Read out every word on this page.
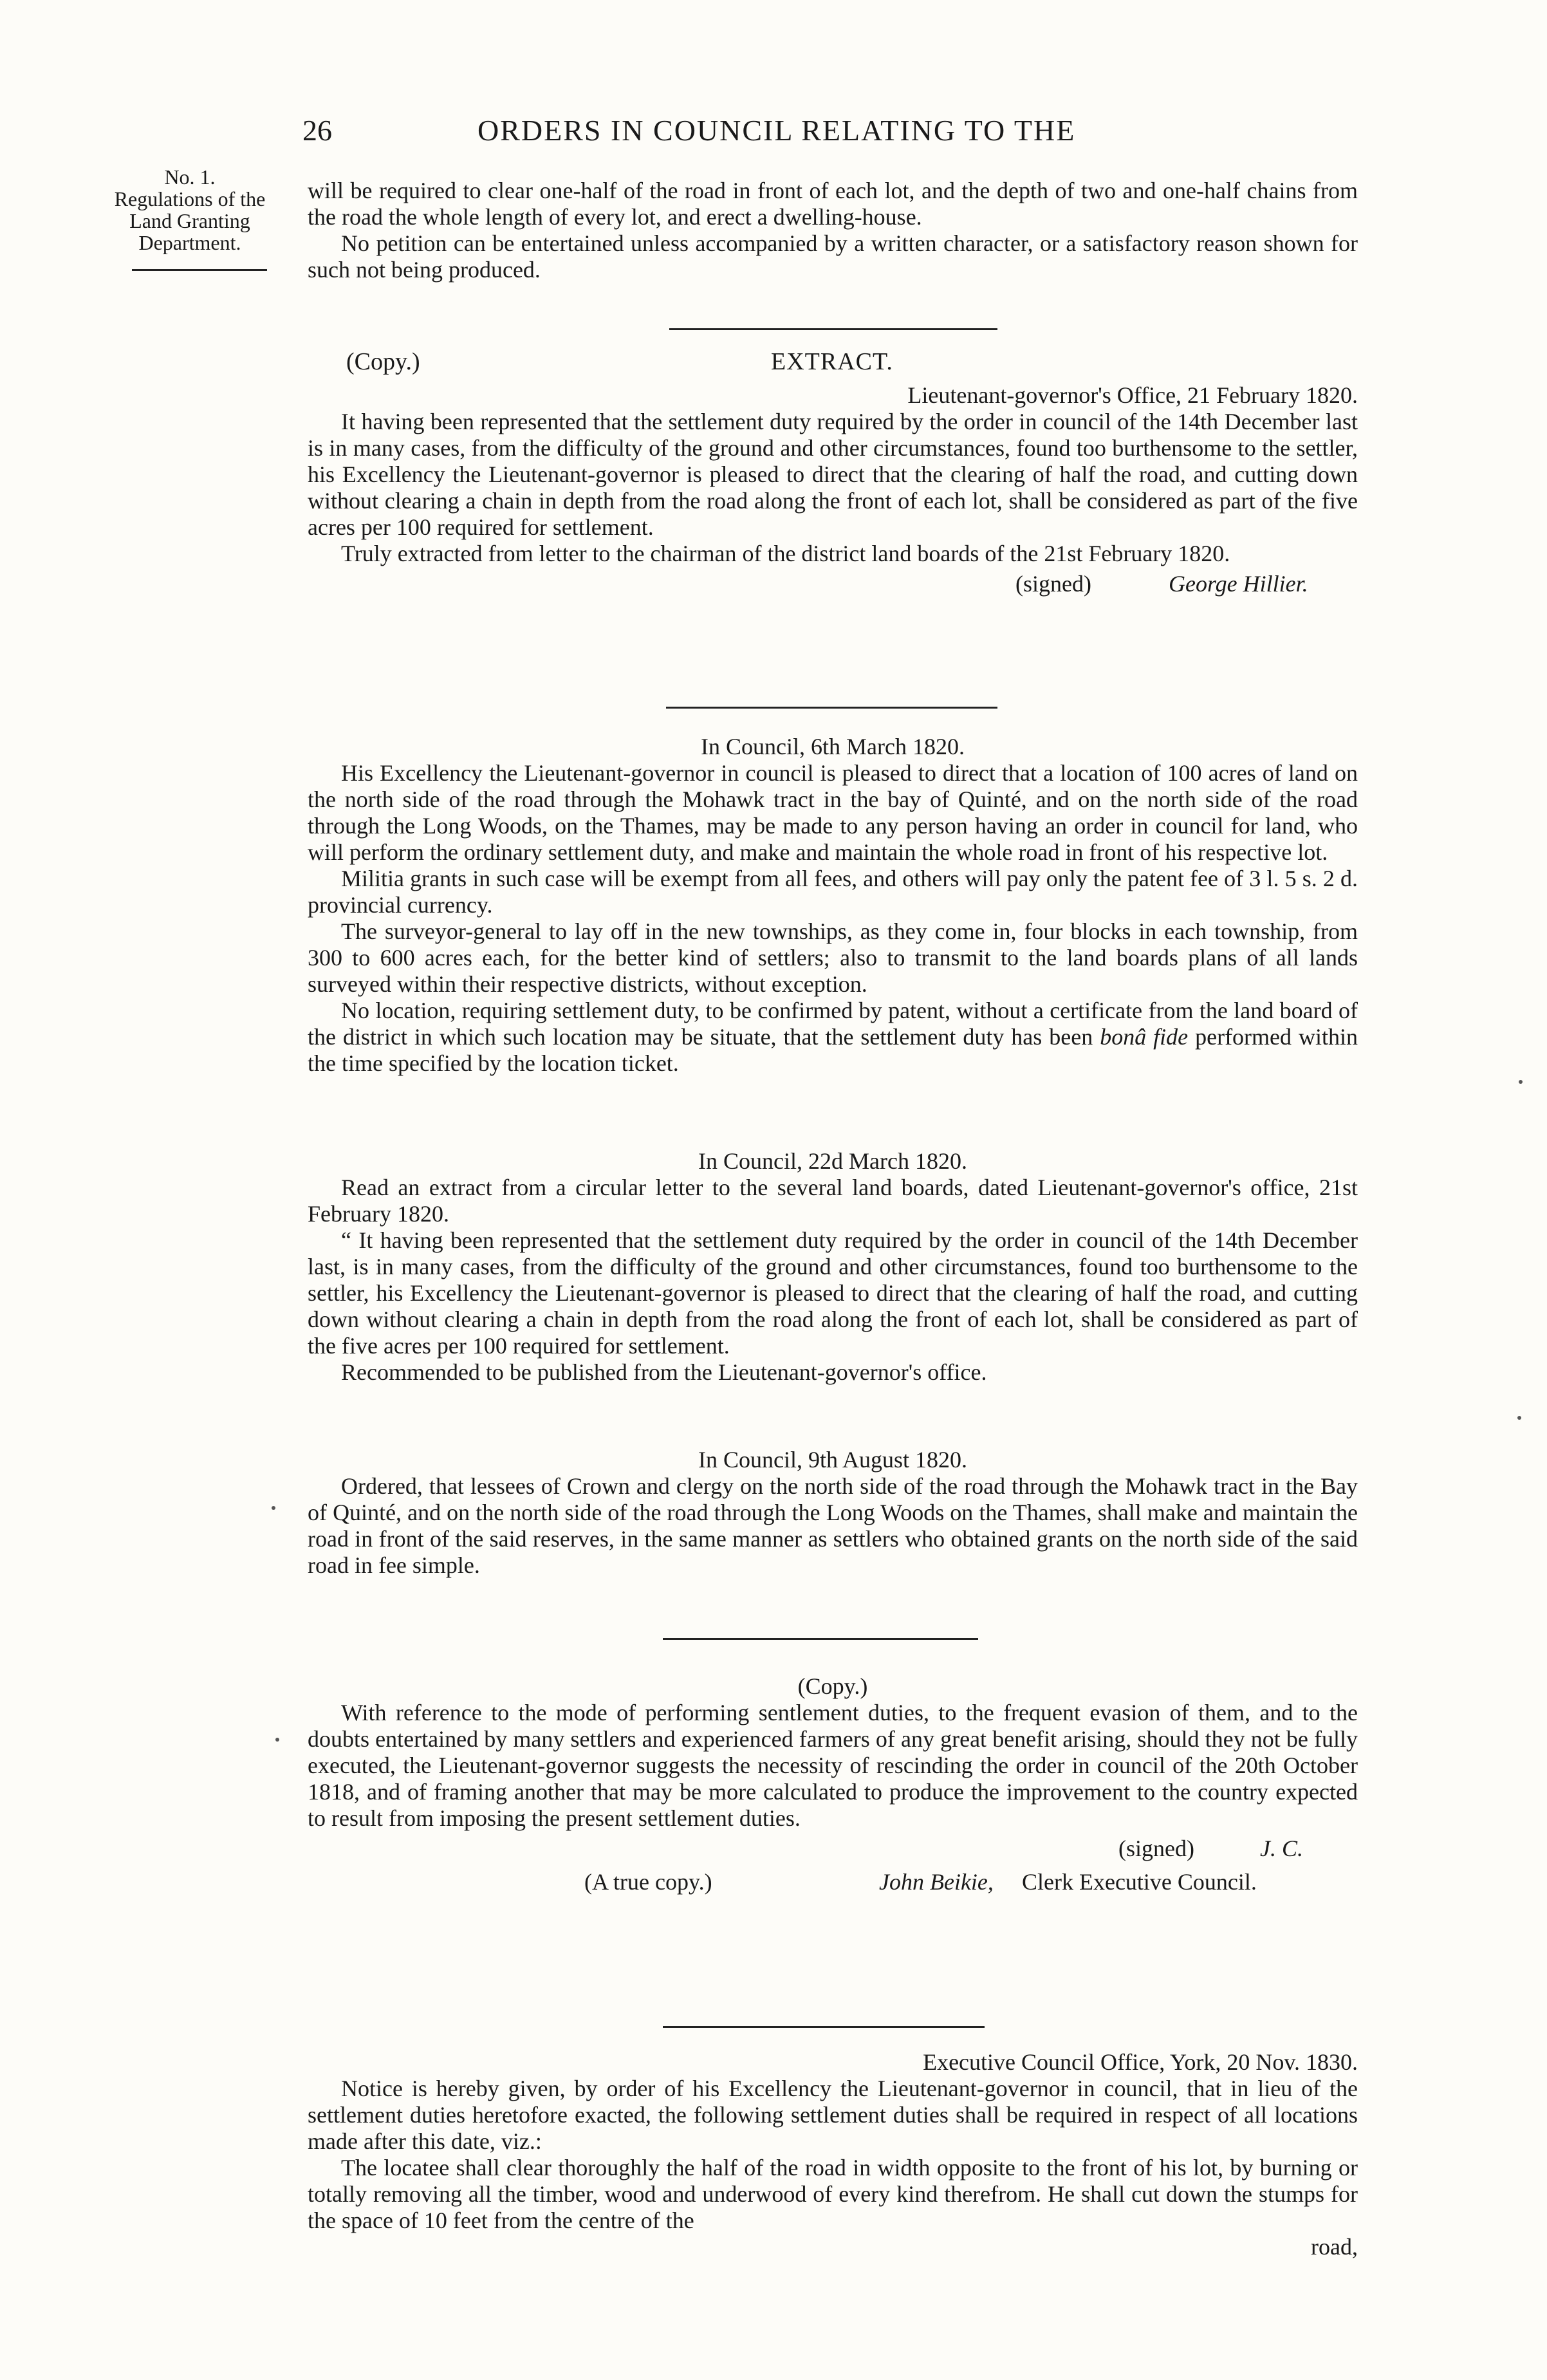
26	ORDERS IN COUNCIL RELATING TO THE
No. 1.
Regulations of the Land Granting Department.

will be required to clear one-half of the road in front of each lot, and the depth of two and one-half chains from the road the whole length of every lot, and erect a dwelling-house.

No petition can be entertained unless accompanied by a written character, or a satisfactory reason shown for such not being produced.

(Copy.)	EXTRACT.

Lieutenant-governor's Office, 21 February 1820.

It having been represented that the settlement duty required by the order in council of the 14th December last is in many cases, from the difficulty of the ground and other circumstances, found too burthensome to the settler, his Excellency the Lieutenant-governor is pleased to direct that the clearing of half the road, and cutting down without clearing a chain in depth from the road along the front of each lot, shall be considered as part of the five acres per 100 required for settlement.

Truly extracted from letter to the chairman of the district land boards of the 21st February 1820.

(signed)	George Hillier.

In Council, 6th March 1820.

His Excellency the Lieutenant-governor in council is pleased to direct that a location of 100 acres of land on the north side of the road through the Mohawk tract in the bay of Quinté, and on the north side of the road through the Long Woods, on the Thames, may be made to any person having an order in council for land, who will perform the ordinary settlement duty, and make and maintain the whole road in front of his respective lot.

Militia grants in such case will be exempt from all fees, and others will pay only the patent fee of 3 l. 5 s. 2 d. provincial currency.

The surveyor-general to lay off in the new townships, as they come in, four blocks in each township, from 300 to 600 acres each, for the better kind of settlers; also to transmit to the land boards plans of all lands surveyed within their respective districts, without exception.

No location, requiring settlement duty, to be confirmed by patent, without a certificate from the land board of the district in which such location may be situate, that the settlement duty has been bonâ fide performed within the time specified by the location ticket.

In Council, 22d March 1820.

Read an extract from a circular letter to the several land boards, dated Lieutenant-governor's office, 21st February 1820.

“ It having been represented that the settlement duty required by the order in council of the 14th December last, is in many cases, from the difficulty of the ground and other circumstances, found too burthensome to the settler, his Excellency the Lieutenant-governor is pleased to direct that the clearing of half the road, and cutting down without clearing a chain in depth from the road along the front of each lot, shall be considered as part of the five acres per 100 required for settlement.

Recommended to be published from the Lieutenant-governor's office.

In Council, 9th August 1820.

Ordered, that lessees of Crown and clergy on the north side of the road through the Mohawk tract in the Bay of Quinté, and on the north side of the road through the Long Woods on the Thames, shall make and maintain the road in front of the said reserves, in the same manner as settlers who obtained grants on the north side of the said road in fee simple.

(Copy.)

With reference to the mode of performing sentlement duties, to the frequent evasion of them, and to the doubts entertained by many settlers and experienced farmers of any great benefit arising, should they not be fully executed, the Lieutenant-governor suggests the necessity of rescinding the order in council of the 20th October 1818, and of framing another that may be more calculated to produce the improvement to the country expected to result from imposing the present settlement duties.

(signed)	J. C.
(A true copy.)	John Beikie, Clerk Executive Council.

Executive Council Office, York, 20 Nov. 1830.

Notice is hereby given, by order of his Excellency the Lieutenant-governor in council, that in lieu of the settlement duties heretofore exacted, the following settlement duties shall be required in respect of all locations made after this date, viz.:

The locatee shall clear thoroughly the half of the road in width opposite to the front of his lot, by burning or totally removing all the timber, wood and underwood of every kind therefrom. He shall cut down the stumps for the space of 10 feet from the centre of the

road,
